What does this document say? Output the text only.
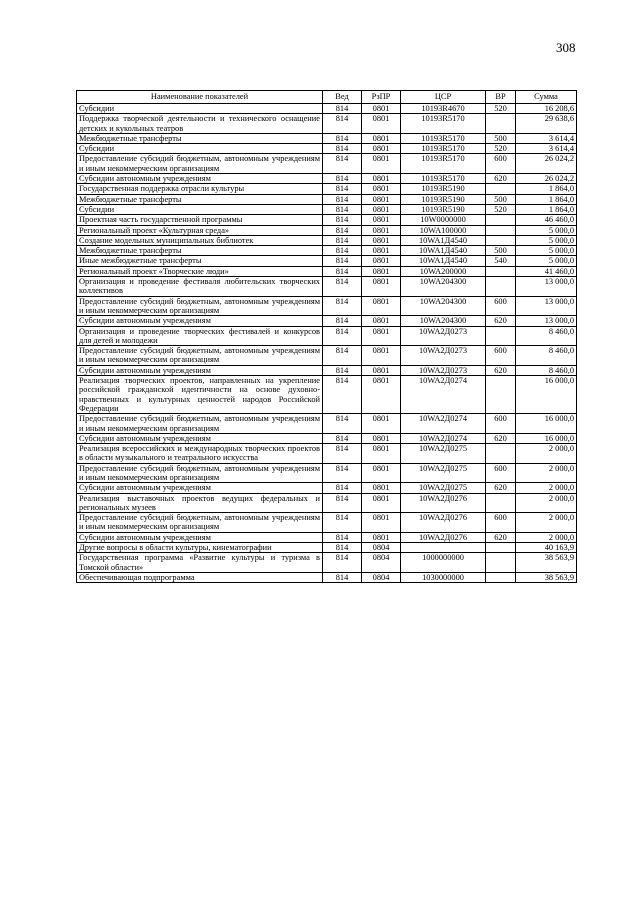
308
Наименование показателей	Вед	РзПР	ЦСР	ВР	Сумма
Субсидии	814	0801	10193R4670	520	16 208,6
Поддержка творческой деятельности и технического оснащение детских и кукольных театров	814	0801	10193R5170		29 638,6
Межбюджетные трансферты	814	0801	10193R5170	500	3 614,4
Субсидии	814	0801	10193R5170	520	3 614,4
Предоставление субсидий бюджетным, автономным учреждениям и иным некоммерческим организациям	814	0801	10193R5170	600	26 024,2
Субсидии автономным учреждениям	814	0801	10193R5170	620	26 024,2
Государственная поддержка отрасли культуры	814	0801	10193R5190		1 864,0
Межбюджетные трансферты	814	0801	10193R5190	500	1 864,0
Субсидии	814	0801	10193R5190	520	1 864,0
Проектная часть государственной программы	814	0801	10W0000000		46 460,0
Региональный проект «Культурная среда»	814	0801	10WA100000		5 000,0
Создание модельных муниципальных библиотек	814	0801	10WA1Д4540		5 000,0
Межбюджетные трансферты	814	0801	10WA1Д4540	500	5 000,0
Иные межбюджетные трансферты	814	0801	10WA1Д4540	540	5 000,0
Региональный проект «Творческие люди»	814	0801	10WA200000		41 460,0
Организация и проведение фестиваля любительских творческих коллективов	814	0801	10WA204300		13 000,0
Предоставление субсидий бюджетным, автономным учреждениям и иным некоммерческим организациям	814	0801	10WA204300	600	13 000,0
Субсидии автономным учреждениям	814	0801	10WA204300	620	13 000,0
Организация и проведение творческих фестивалей и конкурсов для детей и молодежи	814	0801	10WA2Д0273		8 460,0
Предоставление субсидий бюджетным, автономным учреждениям и иным некоммерческим организациям	814	0801	10WA2Д0273	600	8 460,0
Субсидии автономным учреждениям	814	0801	10WA2Д0273	620	8 460,0
Реализация творческих проектов, направленных на укрепление российской гражданской идентичности на основе духовно-нравственных и культурных ценностей народов Российской Федерации	814	0801	10WA2Д0274		16 000,0
Предоставление субсидий бюджетным, автономным учреждениям и иным некоммерческим организациям	814	0801	10WA2Д0274	600	16 000,0
Субсидии автономным учреждениям	814	0801	10WA2Д0274	620	16 000,0
Реализация всероссийских и международных творческих проектов в области музыкального и театрального искусства	814	0801	10WA2Д0275		2 000,0
Предоставление субсидий бюджетным, автономным учреждениям и иным некоммерческим организациям	814	0801	10WA2Д0275	600	2 000,0
Субсидии автономным учреждениям	814	0801	10WA2Д0275	620	2 000,0
Реализация выставочных проектов ведущих федеральных и региональных музеев	814	0801	10WA2Д0276		2 000,0
Предоставление субсидий бюджетным, автономным учреждениям и иным некоммерческим организациям	814	0801	10WA2Д0276	600	2 000,0
Субсидии автономным учреждениям	814	0801	10WA2Д0276	620	2 000,0
Другие вопросы в области культуры, кинематографии	814	0804			40 163,9
Государственная программа «Развитие культуры и туризма в Томской области»	814	0804	1000000000		38 563,9
Обеспечивающая подпрограмма	814	0804	1030000000		38 563,9
